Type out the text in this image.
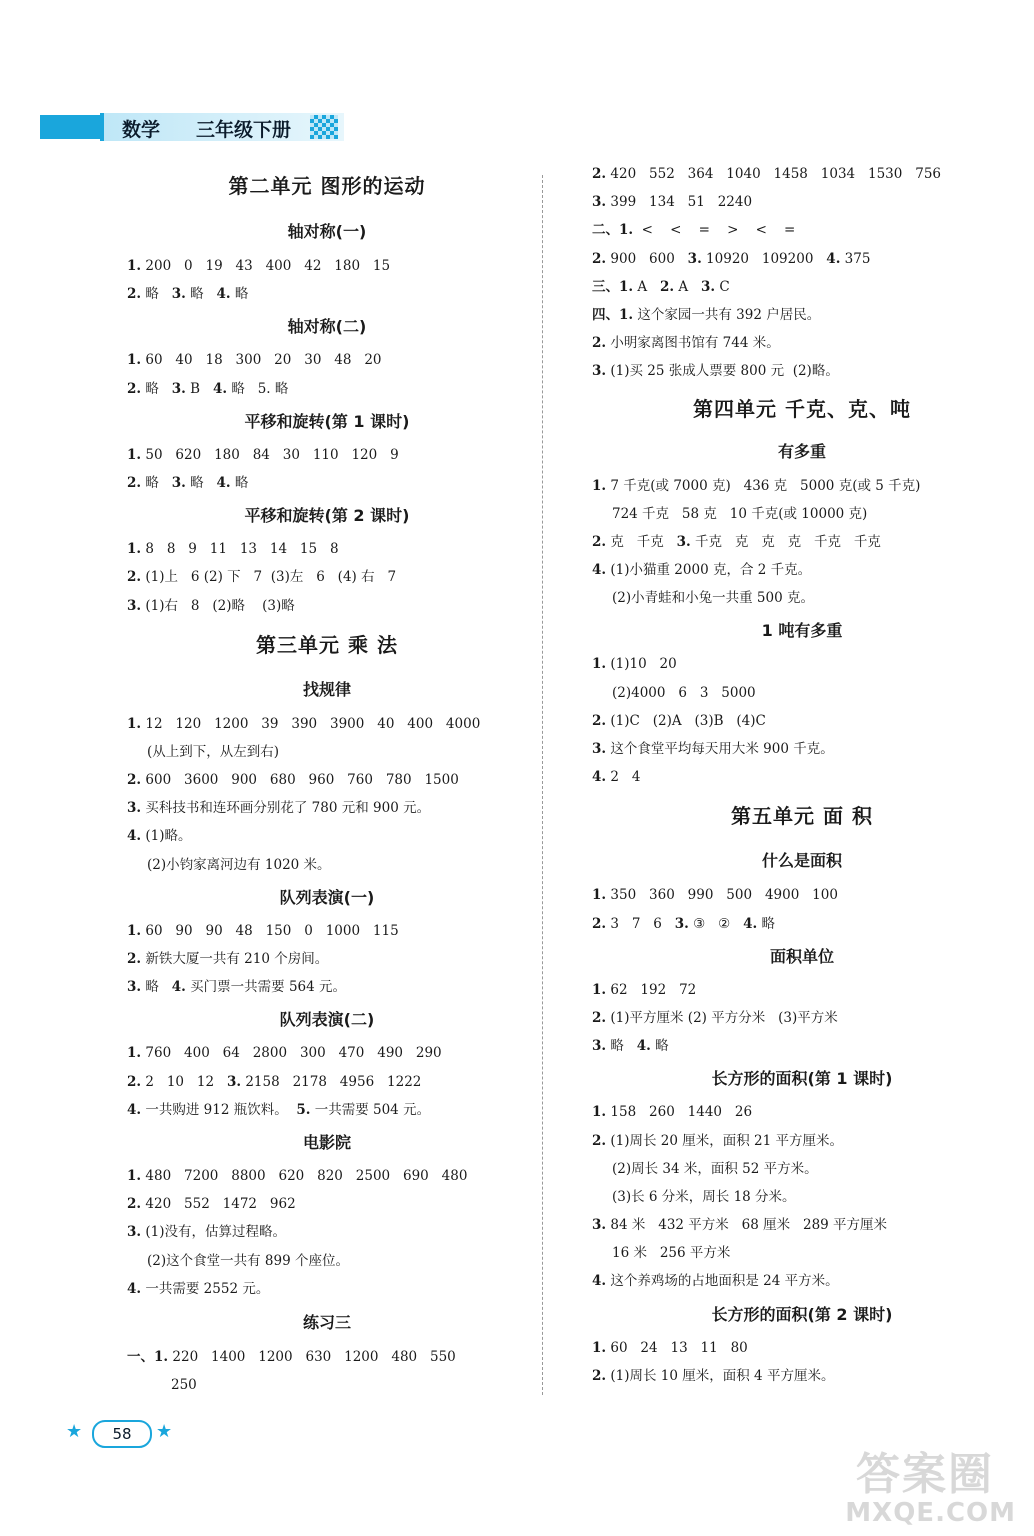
数学 三年级下册
第二单元 图形的运动
轴对称(一)
1. 200   0   19   43   400   42   180   15
2. 略   3. 略   4. 略
轴对称(二)
1. 60   40   18   300   20   30   48   20
2. 略   3. B   4. 略   5. 略
平移和旋转(第 1 课时)
1. 50   620   180   84   30   110   120   9
2. 略   3. 略   4. 略
平移和旋转(第 2 课时)
1. 8   8   9   11   13   14   15   8
2. (1)上   6 (2) 下   7  (3)左   6   (4) 右   7
3. (1)右   8   (2)略    (3)略
第三单元 乘 法
找规律
1. 12   120   1200   39   390   3900   40   400   4000
(从上到下，从左到右)
2. 600   3600   900   680   960   760   780   1500
3. 买科技书和连环画分别花了 780 元和 900 元。
4. (1)略。
(2)小钧家离河边有 1020 米。
队列表演(一)
1. 60   90   90   48   150   0   1000   115
2. 新铁大厦一共有 210 个房间。
3. 略   4. 买门票一共需要 564 元。
队列表演(二)
1. 760   400   64   2800   300   470   490   290
2. 2   10   12   3. 2158   2178   4956   1222
4. 一共购进 912 瓶饮料。  5. 一共需要 504 元。
电影院
1. 480   7200   8800   620   820   2500   690   480
2. 420   552   1472   962
3. (1)没有，估算过程略。
(2)这个食堂一共有 899 个座位。
4. 一共需要 2552 元。
练习三
一、1. 220   1400   1200   630   1200   480   550
250
2. 420   552   364   1040   1458   1034   1530   756
3. 399   134   51   2240
二、1.  <    <    =    >    <    =
2. 900   600   3. 10920   109200   4. 375
三、1. A   2. A   3. C
四、1. 这个家园一共有 392 户居民。
2. 小明家离图书馆有 744 米。
3. (1)买 25 张成人票要 800 元  (2)略。
第四单元 千克、克、吨
有多重
1. 7 千克(或 7000 克)   436 克   5000 克(或 5 千克)
724 千克   58 克   10 千克(或 10000 克)
2. 克   千克   3. 千克   克   克   克   千克   千克
4. (1)小猫重 2000 克，合 2 千克。
(2)小青蛙和小兔一共重 500 克。
1 吨有多重
1. (1)10   20
(2)4000   6   3   5000
2. (1)C   (2)A   (3)B   (4)C
3. 这个食堂平均每天用大米 900 千克。
4. 2   4
第五单元 面 积
什么是面积
1. 350   360   990   500   4900   100
2. 3   7   6   3. ③   ②   4. 略
面积单位
1. 62   192   72
2. (1)平方厘米 (2) 平方分米   (3)平方米
3. 略   4. 略
长方形的面积(第 1 课时)
1. 158   260   1440   26
2. (1)周长 20 厘米，面积 21 平方厘米。
(2)周长 34 米，面积 52 平方米。
(3)长 6 分米，周长 18 分米。
3. 84 米   432 平方米   68 厘米   289 平方厘米
16 米   256 平方米
4. 这个养鸡场的占地面积是 24 平方米。
长方形的面积(第 2 课时)
1. 60   24   13   11   80
2. (1)周长 10 厘米，面积 4 平方厘米。
★	58	★
答案圈
MXQE.COM
